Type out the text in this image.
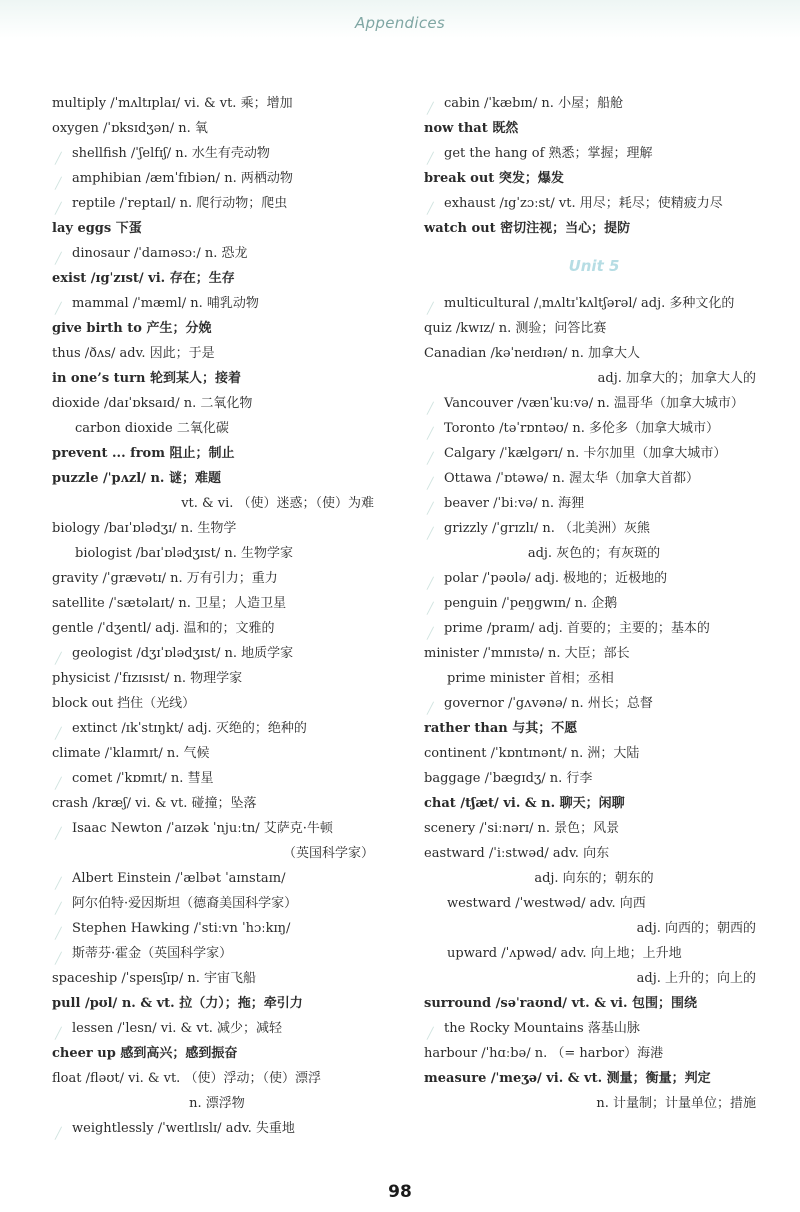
Appendices
multiply /ˈmʌltɪplaɪ/ vi. & vt. 乘；增加
oxygen /ˈɒksɪdʒən/ n. 氧
╱ shellfish /ˈʃelfɪʃ/ n. 水生有壳动物
╱ amphibian /æmˈfɪbiən/ n. 两栖动物
╱ reptile /ˈreptaɪl/ n. 爬行动物；爬虫
lay eggs 下蛋
╱ dinosaur /ˈdaɪnəsɔː/ n. 恐龙
exist /ɪgˈzɪst/ vi. 存在；生存
╱ mammal /ˈmæml/ n. 哺乳动物
give birth to 产生；分娩
thus /ðʌs/ adv. 因此；于是
in one’s turn 轮到某人；接着
dioxide /daɪˈɒksaɪd/ n. 二氧化物
carbon dioxide 二氧化碳
prevent ... from 阻止；制止
puzzle /ˈpʌzl/ n. 谜；难题
vt. & vi. （使）迷惑；（使）为难
biology /baɪˈɒlədʒɪ/ n. 生物学
biologist /baɪˈɒlədʒɪst/ n. 生物学家
gravity /ˈgrævətɪ/ n. 万有引力；重力
satellite /ˈsætəlaɪt/ n. 卫星；人造卫星
gentle /ˈdʒentl/ adj. 温和的；文雅的
╱ geologist /dʒɪˈɒlədʒɪst/ n. 地质学家
physicist /ˈfɪzɪsɪst/ n. 物理学家
block out 挡住（光线）
╱ extinct /ɪkˈstɪŋkt/ adj. 灭绝的；绝种的
climate /ˈklaɪmɪt/ n. 气候
╱ comet /ˈkɒmɪt/ n. 彗星
crash /kræʃ/ vi. & vt. 碰撞；坠落
╱ Isaac Newton /ˈaɪzək ˈnjuːtn/ 艾萨克·牛顿
（英国科学家）
╱ Albert Einstein /ˈælbət ˈaɪnstaɪn/
╱ 阿尔伯特·爱因斯坦（德裔美国科学家）
╱ Stephen Hawking /ˈstiːvn ˈhɔːkɪŋ/
╱ 斯蒂芬·霍金（英国科学家）
spaceship /ˈspeɪsʃɪp/ n. 宇宙飞船
pull /pʊl/ n. & vt. 拉（力）；拖；牵引力
╱ lessen /ˈlesn/ vi. & vt. 减少；减轻
cheer up 感到高兴；感到振奋
float /fləʊt/ vi. & vt. （使）浮动；（使）漂浮
n. 漂浮物
╱ weightlessly /ˈweɪtlɪslɪ/ adv. 失重地
╱ cabin /ˈkæbɪn/ n. 小屋；船舱
now that 既然
╱ get the hang of 熟悉；掌握；理解
break out 突发；爆发
╱ exhaust /ɪgˈzɔːst/ vt. 用尽；耗尽；使精疲力尽
watch out 密切注视；当心；提防
Unit 5
╱ multicultural /ˌmʌltɪˈkʌltʃərəl/ adj. 多种文化的
quiz /kwɪz/ n. 测验；问答比赛
Canadian /kəˈneɪdɪən/ n. 加拿大人
adj. 加拿大的；加拿大人的
╱ Vancouver /vænˈkuːvə/ n. 温哥华（加拿大城市）
╱ Toronto /təˈrɒntəʊ/ n. 多伦多（加拿大城市）
╱ Calgary /ˈkælgərɪ/ n. 卡尔加里（加拿大城市）
╱ Ottawa /ˈɒtəwə/ n. 渥太华（加拿大首都）
╱ beaver /ˈbiːvə/ n. 海狸
╱ grizzly /ˈgrɪzlɪ/ n. （北美洲）灰熊
adj. 灰色的；有灰斑的
╱ polar /ˈpəʊlə/ adj. 极地的；近极地的
╱ penguin /ˈpeŋgwɪn/ n. 企鹅
╱ prime /praɪm/ adj. 首要的；主要的；基本的
minister /ˈmɪnɪstə/ n. 大臣；部长
prime minister 首相；丞相
╱ governor /ˈgʌvənə/ n. 州长；总督
rather than 与其；不愿
continent /ˈkɒntɪnənt/ n. 洲；大陆
baggage /ˈbægɪdʒ/ n. 行李
chat /tʃæt/ vi. & n. 聊天；闲聊
scenery /ˈsiːnərɪ/ n. 景色；风景
eastward /ˈiːstwəd/ adv. 向东
adj. 向东的；朝东的
westward /ˈwestwəd/ adv. 向西
adj. 向西的；朝西的
upward /ˈʌpwəd/ adv. 向上地；上升地
adj. 上升的；向上的
surround /səˈraʊnd/ vt. & vi. 包围；围绕
╱ the Rocky Mountains 落基山脉
harbour /ˈhɑːbə/ n. （= harbor）海港
measure /ˈmeʒə/ vi. & vt. 测量；衡量；判定
n. 计量制；计量单位；措施
98
